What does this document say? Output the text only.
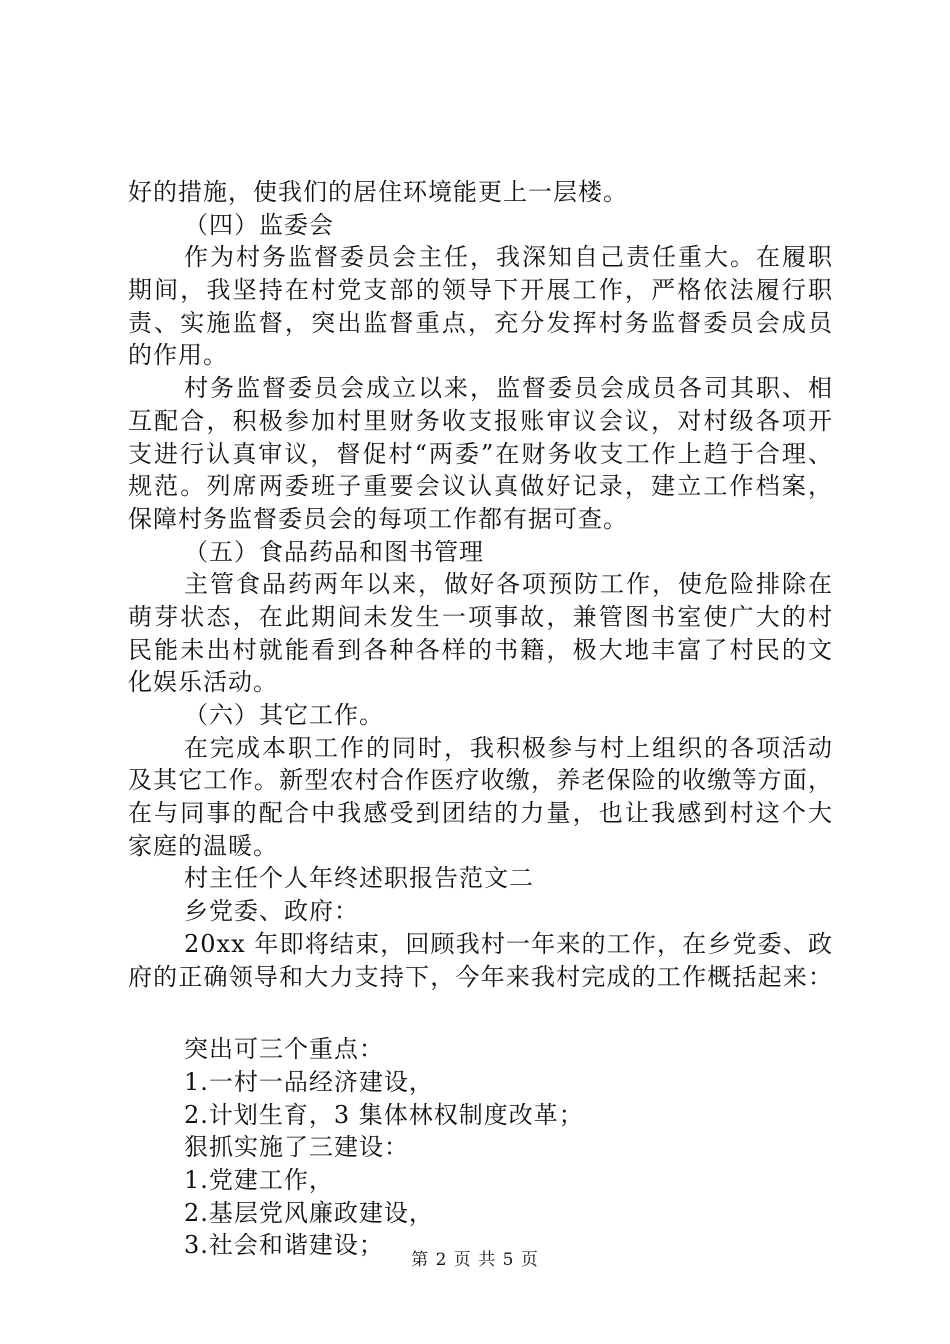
好的措施，使我们的居住环境能更上一层楼。
（四）监委会
作为村务监督委员会主任，我深知自己责任重大。在履职
期间，我坚持在村党支部的领导下开展工作，严格依法履行职
责、实施监督，突出监督重点，充分发挥村务监督委员会成员
的作用。
村务监督委员会成立以来，监督委员会成员各司其职、相
互配合，积极参加村里财务收支报账审议会议，对村级各项开
支进行认真审议，督促村“两委”在财务收支工作上趋于合理、
规范。列席两委班子重要会议认真做好记录，建立工作档案，
保障村务监督委员会的每项工作都有据可查。
（五）食品药品和图书管理
主管食品药两年以来，做好各项预防工作，使危险排除在
萌芽状态，在此期间未发生一项事故，兼管图书室使广大的村
民能未出村就能看到各种各样的书籍，极大地丰富了村民的文
化娱乐活动。
（六）其它工作。
在完成本职工作的同时，我积极参与村上组织的各项活动
及其它工作。新型农村合作医疗收缴，养老保险的收缴等方面，
在与同事的配合中我感受到团结的力量，也让我感到村这个大
家庭的温暖。
村主任个人年终述职报告范文二
乡党委、政府：
20xx 年即将结束，回顾我村一年来的工作，在乡党委、政
府的正确领导和大力支持下，今年来我村完成的工作概括起来：
突出可三个重点：
1.一村一品经济建设，
2.计划生育，3 集体林权制度改革；
狠抓实施了三建设：
1.党建工作，
2.基层党风廉政建设，
3.社会和谐建设；
第 2 页 共 5 页
